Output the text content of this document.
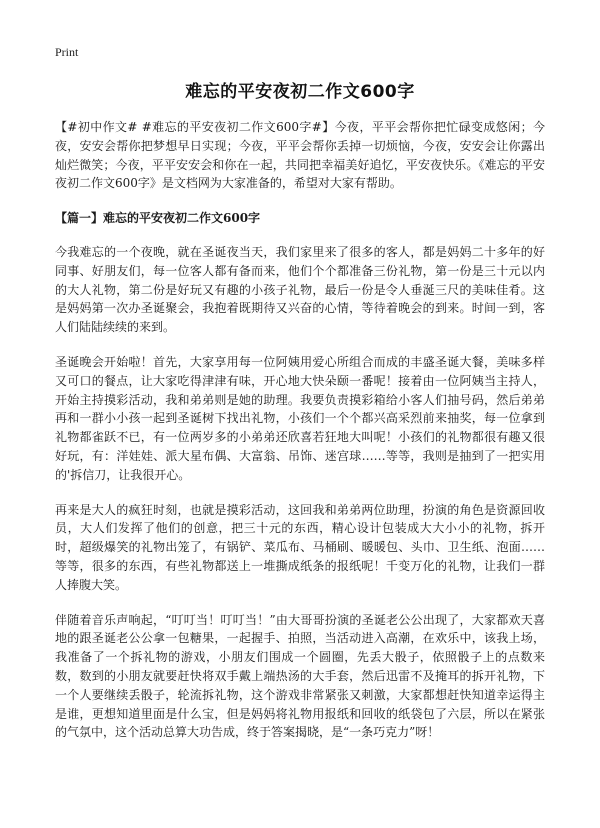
Print
难忘的平安夜初二作文600字

【#初中作文# #难忘的平安夜初二作文600字#】今夜，平平会帮你把忙碌变成悠闲；今夜，安安会帮你把梦想早日实现；今夜，平平会帮你丢掉一切烦恼，今夜，安安会让你露出灿烂微笑；今夜，平平安安会和你在一起，共同把幸福美好追忆，平安夜快乐。《难忘的平安夜初二作文600字》是文档网为大家准备的，希望对大家有帮助。

【篇一】难忘的平安夜初二作文600字

今我难忘的一个夜晚，就在圣诞夜当天，我们家里来了很多的客人，都是妈妈二十多年的好同事、好朋友们，每一位客人都有备而来，他们个个都准备三份礼物，第一份是三十元以内的大人礼物，第二份是好玩又有趣的小孩子礼物，最后一份是令人垂涎三尺的美味佳肴。这是妈妈第一次办圣诞聚会，我抱着既期待又兴奋的心情，等待着晚会的到来。时间一到，客人们陆陆续续的来到。

圣诞晚会开始啦！首先，大家享用每一位阿姨用爱心所组合而成的丰盛圣诞大餐，美味多样又可口的餐点，让大家吃得津津有味，开心地大快朵颐一番呢！接着由一位阿姨当主持人，开始主持摸彩活动，我和弟弟则是她的助理。我要负责摸彩箱给小客人们抽号码，然后弟弟再和一群小小孩一起到圣诞树下找出礼物，小孩们一个个都兴高采烈前来抽奖，每一位拿到礼物都雀跃不已，有一位两岁多的小弟弟还欣喜若狂地大叫呢！小孩们的礼物都很有趣又很好玩，有：洋娃娃、派大星布偶、大富翁、吊饰、迷宫球……等等，我则是抽到了一把实用的'拆信刀，让我很开心。

再来是大人的疯狂时刻，也就是摸彩活动，这回我和弟弟两位助理，扮演的角色是资源回收员，大人们发挥了他们的创意，把三十元的东西，精心设计包装成大大小小的礼物，拆开时，超级爆笑的礼物出笼了，有锅铲、菜瓜布、马桶刷、暖暖包、头巾、卫生纸、泡面……等等，很多的东西，有些礼物都送上一堆撕成纸条的报纸呢！千变万化的礼物，让我们一群人捧腹大笑。

伴随着音乐声响起，“叮叮当！叮叮当！”由大哥哥扮演的圣诞老公公出现了，大家都欢天喜地的跟圣诞老公公拿一包糖果，一起握手、拍照，当活动进入高潮，在欢乐中，该我上场，我准备了一个拆礼物的游戏，小朋友们围成一个圆圈，先丢大骰子，依照骰子上的点数来数，数到的小朋友就要赶快将双手戴上端热汤的大手套，然后迅雷不及掩耳的拆开礼物，下一个人要继续丢骰子，轮流拆礼物，这个游戏非常紧张又刺激，大家都想赶快知道幸运得主是谁，更想知道里面是什么宝，但是妈妈将礼物用报纸和回收的纸袋包了六层，所以在紧张的气氛中，这个活动总算大功告成，终于答案揭晓，是“一条巧克力”呀！
